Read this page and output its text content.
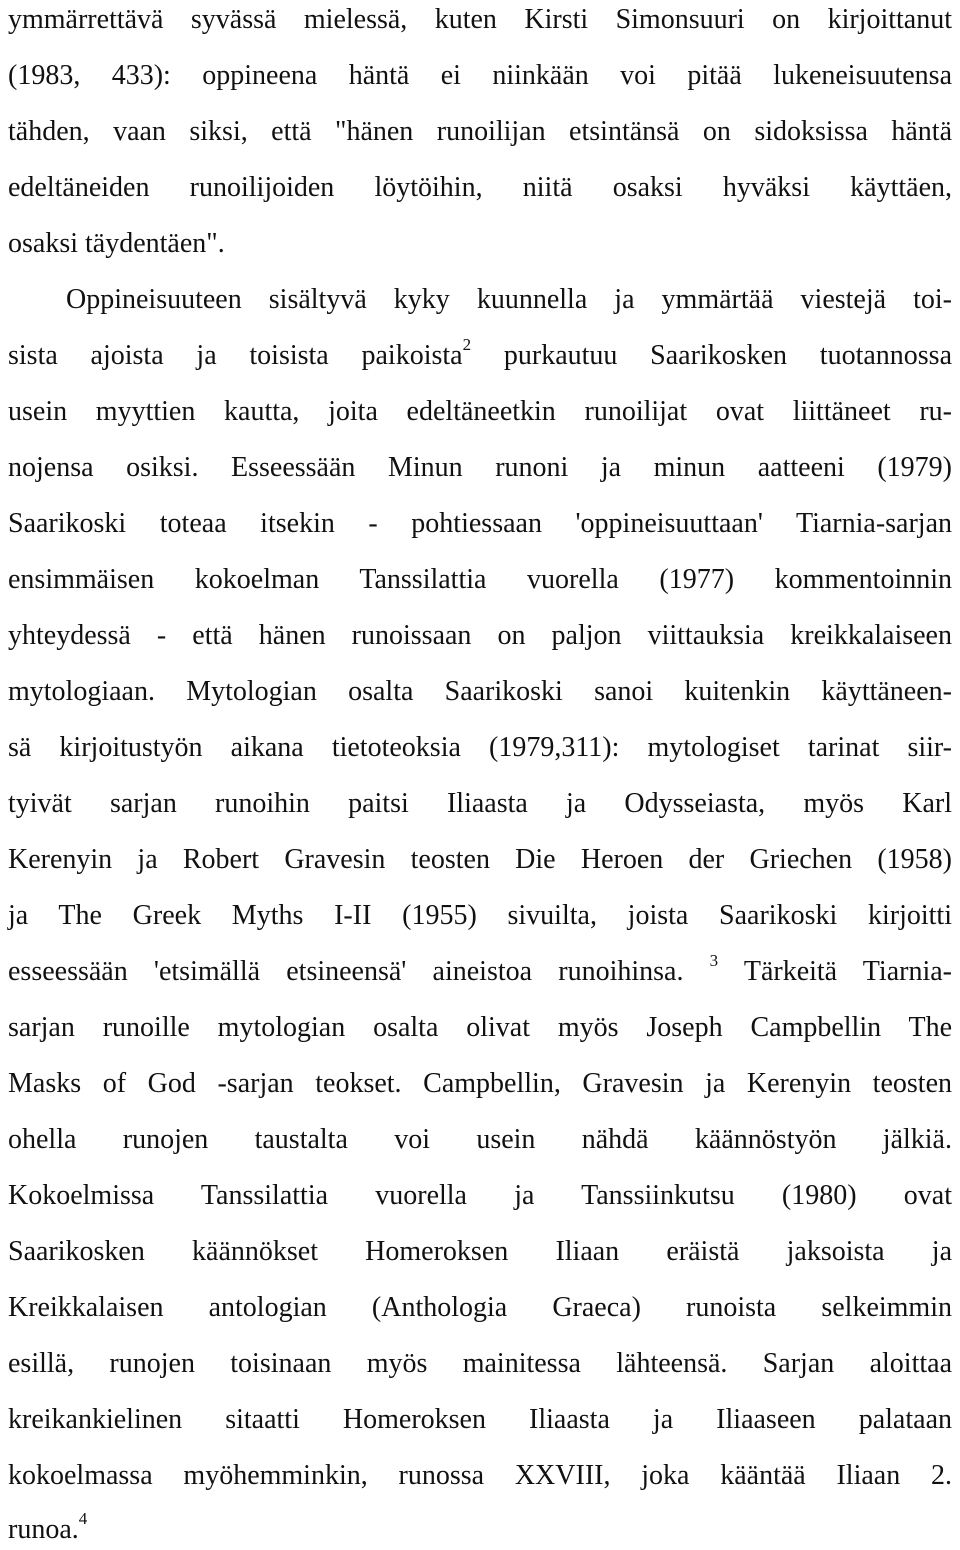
ymmärrettävä syvässä mielessä, kuten Kirsti Simonsuuri on kirjoittanut
(1983, 433): oppineena häntä ei niinkään voi pitää lukeneisuutensa
tähden, vaan siksi, että "hänen runoilijan etsintänsä on sidoksissa häntä
edeltäneiden runoilijoiden löytöihin, niitä osaksi hyväksi käyttäen,
osaksi täydentäen".
Oppineisuuteen sisältyvä kyky kuunnella ja ymmärtää viestejä toi-
sista ajoista ja toisista paikoista$^2$ purkautuu Saarikosken tuotannossa
usein myyttien kautta, joita edeltäneetkin runoilijat ovat liittäneet ru-
nojensa osiksi. Esseessään Minun runoni ja minun aatteeni (1979)
Saarikoski toteaa itsekin - pohtiessaan 'oppineisuuttaan' Tiarnia-sarjan
ensimmäisen kokoelman Tanssilattia vuorella (1977) kommentoinnin
yhteydessä - että hänen runoissaan on paljon viittauksia kreikkalaiseen
mytologiaan. Mytologian osalta Saarikoski sanoi kuitenkin käyttäneen-
sä kirjoitustyön aikana tietoteoksia (1979,311): mytologiset tarinat siir-
tyivät sarjan runoihin paitsi Iliaasta ja Odysseiasta, myös Karl
Kerenyin ja Robert Gravesin teosten Die Heroen der Griechen (1958)
ja The Greek Myths I-II (1955) sivuilta, joista Saarikoski kirjoitti
esseessään 'etsimällä etsineensä' aineistoa runoihinsa. $^3$ Tärkeitä Tiarnia-
sarjan runoille mytologian osalta olivat myös Joseph Campbellin The
Masks of God -sarjan teokset. Campbellin, Gravesin ja Kerenyin teosten
ohella runojen taustalta voi usein nähdä käännöstyön jälkiä.
Kokoelmissa Tanssilattia vuorella ja Tanssiinkutsu (1980) ovat
Saarikosken käännökset Homeroksen Iliaan eräistä jaksoista ja
Kreikkalaisen antologian (Anthologia Graeca) runoista selkeimmin
esillä, runojen toisinaan myös mainitessa lähteensä. Sarjan aloittaa
kreikankielinen sitaatti Homeroksen Iliaasta ja Iliaaseen palataan
kokoelmassa myöhemminkin, runossa XXVIII, joka kääntää Iliaan 2.
runoa.$^4$
